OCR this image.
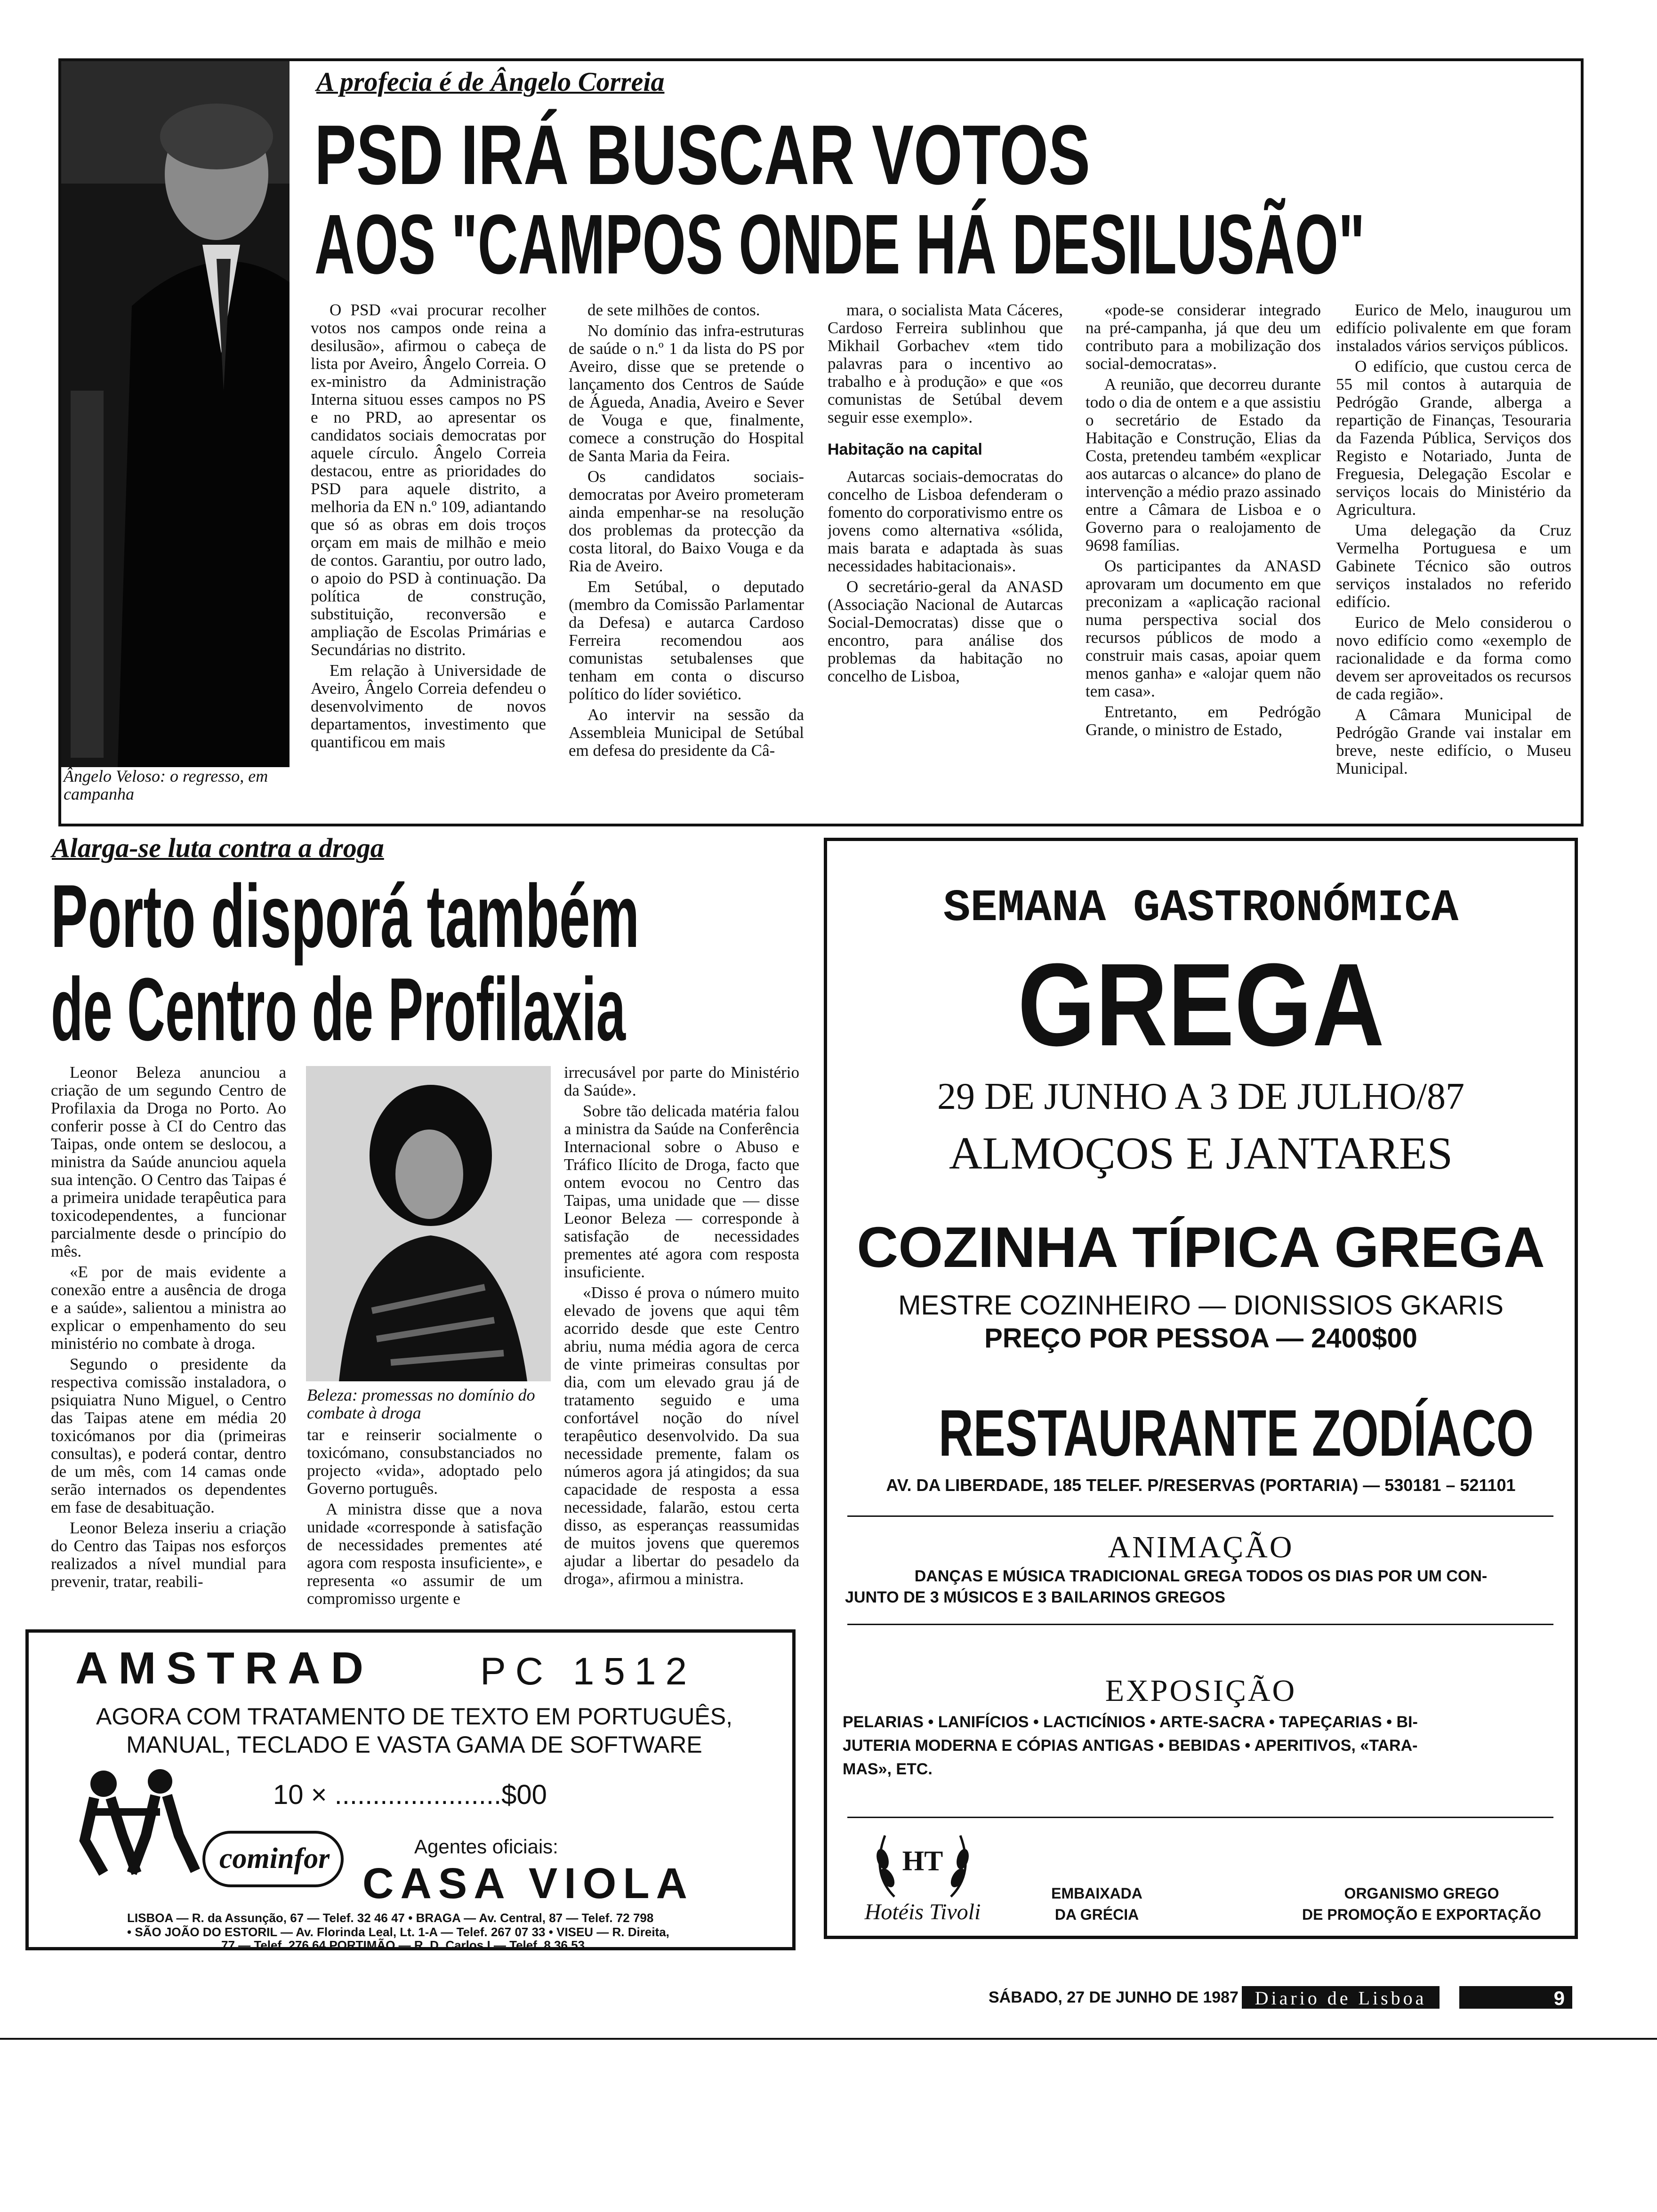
Ângelo Veloso: o regresso, em campanha
A profecia é de Ângelo Correia
PSD IRÁ BUSCAR VOTOS
AOS "CAMPOS ONDE HÁ DESILUSÃO"

O PSD «vai procurar recolher votos nos campos onde reina a desilusão», afirmou o cabeça de lista por Aveiro, Ângelo Correia. O ex-ministro da Administração Interna situou esses campos no PS e no PRD, ao apresentar os candidatos sociais democratas por aquele círculo. Ângelo Correia destacou, entre as prioridades do PSD para aquele distrito, a melhoria da EN n.º 109, adiantando que só as obras em dois troços orçam em mais de milhão e meio de contos. Garantiu, por outro lado, o apoio do PSD à continuação. Da política de construção, substituição, reconversão e ampliação de Escolas Primárias e Secundárias no distrito.

Em relação à Universidade de Aveiro, Ângelo Correia defendeu o desenvolvimento de novos departamentos, investimento que quantificou em mais

de sete milhões de contos.

No domínio das infra-estruturas de saúde o n.º 1 da lista do PS por Aveiro, disse que se pretende o lançamento dos Centros de Saúde de Águeda, Anadia, Aveiro e Sever de Vouga e que, finalmente, comece a construção do Hospital de Santa Maria da Feira.

Os candidatos sociais-democratas por Aveiro prometeram ainda empenhar-se na resolução dos problemas da protecção da costa litoral, do Baixo Vouga e da Ria de Aveiro.

Em Setúbal, o deputado (membro da Comissão Parlamentar da Defesa) e autarca Cardoso Ferreira recomendou aos comunistas setubalenses que tenham em conta o discurso político do líder soviético.

Ao intervir na sessão da Assembleia Municipal de Setúbal em defesa do presidente da Câ-

mara, o socialista Mata Cáceres, Cardoso Ferreira sublinhou que Mikhail Gorbachev «tem tido palavras para o incentivo ao trabalho e à produção» e que «os comunistas de Setúbal devem seguir esse exemplo».

Habitação na capital

Autarcas sociais-democratas do concelho de Lisboa defenderam o fomento do corporativismo entre os jovens como alternativa «sólida, mais barata e adaptada às suas necessidades habitacionais».

O secretário-geral da ANASD (Associação Nacional de Autarcas Social-Democratas) disse que o encontro, para análise dos problemas da habitação no concelho de Lisboa,

«pode-se considerar integrado na pré-campanha, já que deu um contributo para a mobilização dos social-democratas».

A reunião, que decorreu durante todo o dia de ontem e a que assistiu o secretário de Estado da Habitação e Construção, Elias da Costa, pretendeu também «explicar aos autarcas o alcance» do plano de intervenção a médio prazo assinado entre a Câmara de Lisboa e o Governo para o realojamento de 9698 famílias.

Os participantes da ANASD aprovaram um documento em que preconizam a «aplicação racional numa perspectiva social dos recursos públicos de modo a construir mais casas, apoiar quem menos ganha» e «alojar quem não tem casa».

Entretanto, em Pedrógão Grande, o ministro de Estado,

Eurico de Melo, inaugurou um edifício polivalente em que foram instalados vários serviços públicos.

O edifício, que custou cerca de 55 mil contos à autarquia de Pedrógão Grande, alberga a repartição de Finanças, Tesouraria da Fazenda Pública, Serviços dos Registo e Notariado, Junta de Freguesia, Delegação Escolar e serviços locais do Ministério da Agricultura.

Uma delegação da Cruz Vermelha Portuguesa e um Gabinete Técnico são outros serviços instalados no referido edifício.

Eurico de Melo considerou o novo edifício como «exemplo de racionalidade e da forma como devem ser aproveitados os recursos de cada região».

A Câmara Municipal de Pedrógão Grande vai instalar em breve, neste edifício, o Museu Municipal.

Alarga-se luta contra a droga
Porto disporá também
de Centro de Profilaxia

Leonor Beleza anunciou a criação de um segundo Centro de Profilaxia da Droga no Porto. Ao conferir posse à CI do Centro das Taipas, onde ontem se deslocou, a ministra da Saúde anunciou aquela sua intenção. O Centro das Taipas é a primeira unidade terapêutica para toxicodependentes, a funcionar parcialmente desde o princípio do mês.

«E por de mais evidente a conexão entre a ausência de droga e a saúde», salientou a ministra ao explicar o empenhamento do seu ministério no combate à droga.

Segundo o presidente da respectiva comissão instaladora, o psiquiatra Nuno Miguel, o Centro das Taipas atene em média 20 toxicómanos por dia (primeiras consultas), e poderá contar, dentro de um mês, com 14 camas onde serão internados os dependentes em fase de desabituação.

Leonor Beleza inseriu a criação do Centro das Taipas nos esforços realizados a nível mundial para prevenir, tratar, reabili-

Beleza: promessas no domínio do combate à droga

tar e reinserir socialmente o toxicómano, consubstanciados no projecto «vida», adoptado pelo Governo português.

A ministra disse que a nova unidade «corresponde à satisfação de necessidades prementes até agora com resposta insuficiente», e representa «o assumir de um compromisso urgente e

irrecusável por parte do Ministério da Saúde».

Sobre tão delicada matéria falou a ministra da Saúde na Conferência Internacional sobre o Abuso e Tráfico Ilícito de Droga, facto que ontem evocou no Centro das Taipas, uma unidade que — disse Leonor Beleza — corresponde à satisfação de necessidades prementes até agora com resposta insuficiente.

«Disso é prova o número muito elevado de jovens que aqui têm acorrido desde que este Centro abriu, numa média agora de cerca de vinte primeiras consultas por dia, com um elevado grau já de tratamento seguido e uma confortável noção do nível terapêutico desenvolvido. Da sua necessidade premente, falam os números agora já atingidos; da sua capacidade de resposta a essa necessidade, falarão, estou certa disso, as esperanças reassumidas de muitos jovens que queremos ajudar a libertar do pesadelo da droga», afirmou a ministra.

AMSTRAD	PC 1512
AGORA COM TRATAMENTO DE TEXTO EM PORTUGUÊS,
MANUAL, TECLADO E VASTA GAMA DE SOFTWARE
10 × ......................$00
Agentes oficiais:
cominfor
CASA VIOLA
LISBOA — R. da Assunção, 67 — Telef. 32 46 47 • BRAGA — Av. Central, 87 — Telef. 72 798
• SÃO JOÃO DO ESTORIL — Av. Florinda Leal, Lt. 1-A — Telef. 267 07 33 • VISEU — R. Direita,
77 — Telef. 276 64 PORTIMÃO — R. D. Carlos I — Telef. 8 36 53
SEMANA GASTRONÓMICA
GREGA
29 DE JUNHO A 3 DE JULHO/87
ALMOÇOS E JANTARES
COZINHA TÍPICA GREGA
MESTRE COZINHEIRO — DIONISSIOS GKARIS
PREÇO POR PESSOA — 2400$00
RESTAURANTE ZODÍACO
AV. DA LIBERDADE, 185 TELEF. P/RESERVAS (PORTARIA) — 530181 – 521101
ANIMAÇÃO
DANÇAS E MÚSICA TRADICIONAL GREGA TODOS OS DIAS POR UM CON-
JUNTO DE 3 MÚSICOS E 3 BAILARINOS GREGOS
EXPOSIÇÃO
PELARIAS • LANIFÍCIOS • LACTICÍNIOS • ARTE-SACRA • TAPEÇARIAS • BI-
JUTERIA MODERNA E CÓPIAS ANTIGAS • BEBIDAS • APERITIVOS, «TARA-
MAS», ETC.
HT
Hotéis Tivoli
EMBAIXADA
DA GRÉCIA
ORGANISMO GREGO
DE PROMOÇÃO E EXPORTAÇÃO
SÁBADO, 27 DE JUNHO DE 1987 Diario de Lisboa	9
